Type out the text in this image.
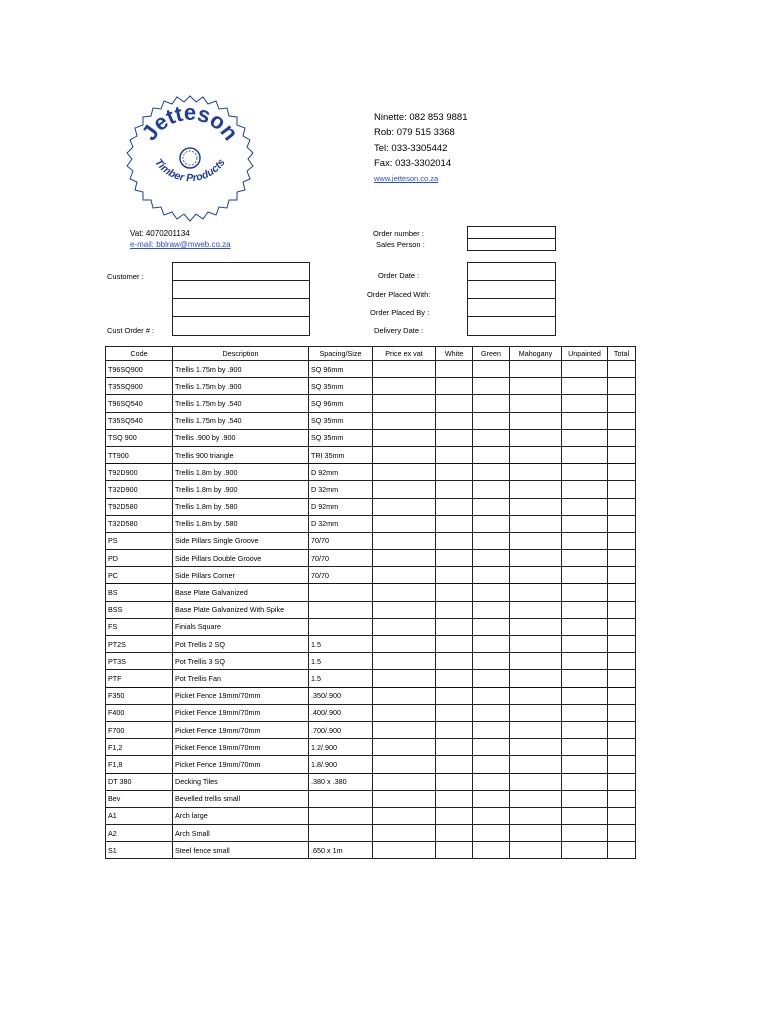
Jetteson
Timber Products
Ninette: 082 853 9881
Rob: 079 515 3368
Tel: 033-3305442
Fax: 033-3302014
www.jetteson.co.za
Vat: 4070201134
e-mail: bblraw@mweb.co.za
Order number :
Sales Person :
Customer :
Cust Order # :
Order Date :
Order Placed With:
Order Placed By :
Delivery Date :
Code	Description	Spacing/Size	Price ex vat	White	Green	Mahogany	Unpainted	Total
T96SQ900	Trellis 1.75m by .900	SQ 96mm						
T35SQ900	Trellis 1.75m by .900	SQ 35mm						
T96SQ540	Trellis 1.75m by .540	SQ 96mm						
T35SQ540	Trellis 1.75m by .540	SQ 35mm						
TSQ 900	Trellis .900 by .900	SQ 35mm						
TT900	Trellis 900 triangle	TRI 35mm						
T92D900	Trellis 1.8m by .900	D 92mm						
T32D900	Trellis 1.8m by .900	D 32mm						
T92D580	Trellis 1.8m by .580	D 92mm						
T32D580	Trellis 1.8m by .580	D 32mm						
PS	Side Pillars Single Groove	70/70						
PD	Side Pillars Double Groove	70/70						
PC	Side Pillars Corner	70/70						
BS	Base Plate Galvanized							
BSS	Base Plate Galvanized With Spike							
FS	Finials Square							
PT2S	Pot Trellis 2 SQ	1.5						
PT3S	Pot Trellis 3 SQ	1.5						
PTF	Pot Trellis Fan	1.5						
F350	Picket Fence 19mm/70mm	.350/.900						
F400	Picket Fence 19mm/70mm	.400/.900						
F700	Picket Fence 19mm/70mm	.700/.900						
F1,2	Picket Fence 19mm/70mm	1.2/.900						
F1,8	Picket Fence 19mm/70mm	1.8/.900						
DT 380	Decking Tiles	.380 x .380						
Bev	Bevelled trellis small							
A1	Arch large							
A2	Arch Small							
S1	Steel fence small	.650 x 1m						
